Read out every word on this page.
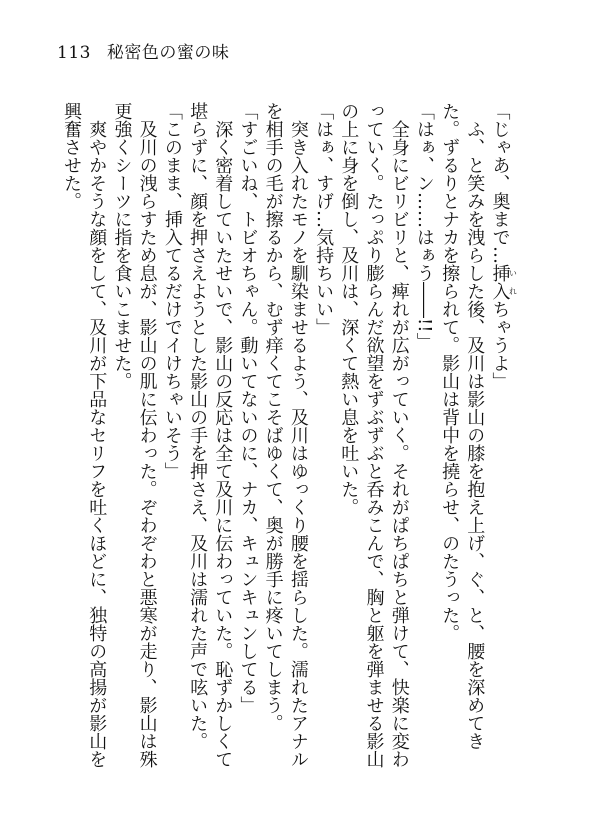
113 秘密色の蜜の味

「じゃあ、奥まで…挿入いれちゃうよ」

　ふ、と笑みを洩らした後、及川は影山の膝を抱え上げ、ぐ、と、腰を深めてきた。ずるりとナカを擦られて。影山は背中を撓らせ、のたうった。

「はぁ、ン……はぁう――!!」

　全身にビリビリと、痺れが広がっていく。それがぱちぱちと弾けて、快楽に変わっていく。たっぷり膨らんだ欲望をずぶずぶと呑みこんで、胸と躯を弾ませる影山の上に身を倒し、及川は、深くて熱い息を吐いた。

「はぁ、すげ…気持ちいい」

　突き入れたモノを馴染ませるよう、及川はゆっくり腰を揺らした。濡れたアナルを相手の毛が擦るから、むず痒くてこそばゆくて、奥が勝手に疼いてしまう。

「すごいね、トビオちゃん。動いてないのに、ナカ、キュンキュンしてる」

　深く密着していたせいで、影山の反応は全て及川に伝わっていた。恥ずかしくて堪らずに、顔を押さえようとした影山の手を押さえ、及川は濡れた声で呟いた。

「このまま、挿入てるだけでイけちゃいそう」

　及川の洩らすため息が、影山の肌に伝わった。ぞわぞわと悪寒が走り、影山は殊更強くシーツに指を食いこませた。

　爽やかそうな顔をして、及川が下品なセリフを吐くほどに、独特の高揚が影山を興奮させた。
